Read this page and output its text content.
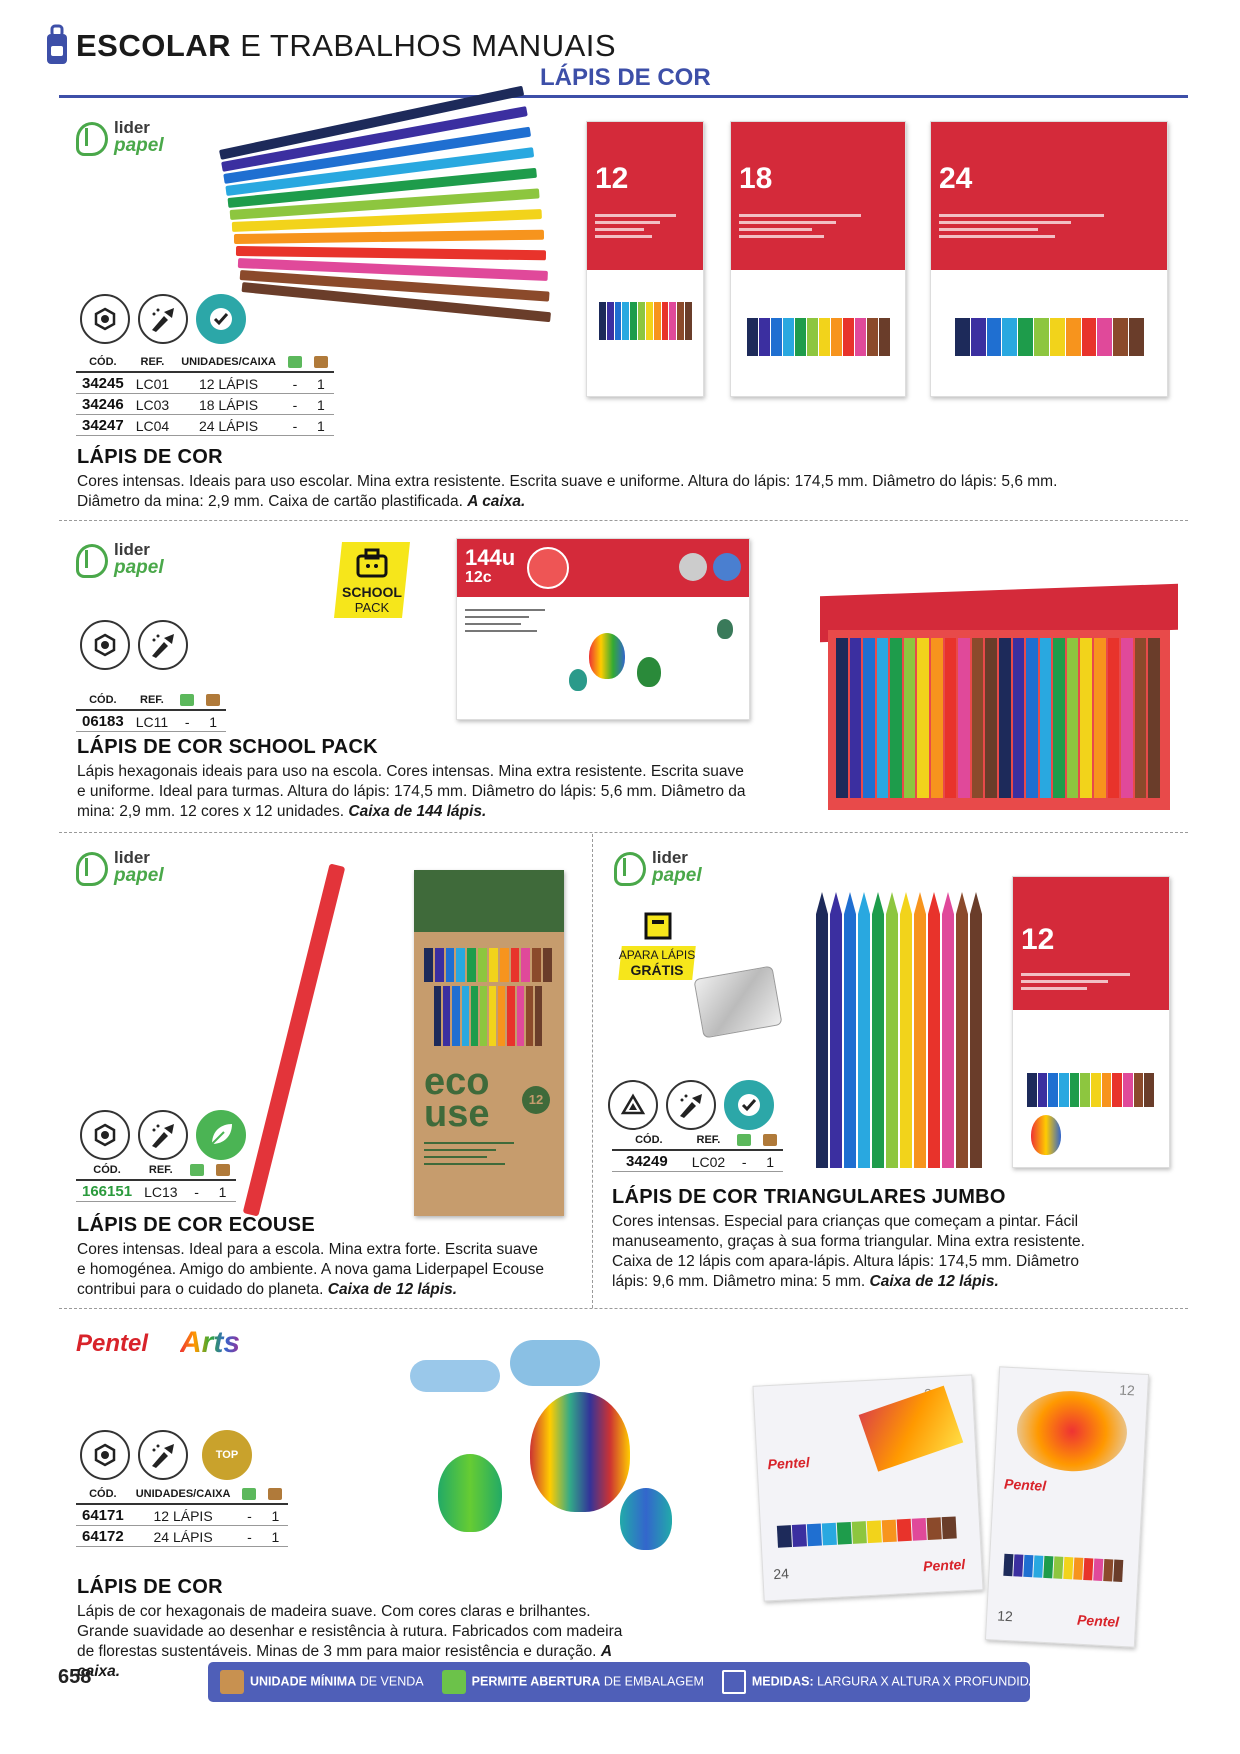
ESCOLAR E TRABALHOS MANUAIS
LÁPIS DE COR
lider
papel
CÓD.	REF.	UNIDADES/CAIXA		
34245	LC01	12 LÁPIS	-	1
34246	LC03	18 LÁPIS	-	1
34247	LC04	24 LÁPIS	-	1
12	18	24
LÁPIS DE COR
Cores intensas. Ideais para uso escolar. Mina extra resistente. Escrita suave e uniforme. Altura do lápis: 174,5 mm. Diâmetro do lápis: 5,6 mm. Diâmetro da mina: 2,9 mm. Caixa de cartão plastificada. A caixa.
lider
papel
SCHOOL
PACK
144u
12c
CÓD.	REF.		
06183	LC11	-	1
LÁPIS DE COR SCHOOL PACK
Lápis hexagonais ideais para uso na escola. Cores intensas. Mina extra resistente. Escrita suave e uniforme. Ideal para turmas. Altura do lápis: 174,5 mm. Diâmetro do lápis: 5,6 mm. Diâmetro da mina: 2,9 mm. 12 cores x 12 unidades. Caixa de 144 lápis.
lider
papel
eco
use	12
CÓD.	REF.		
166151	LC13	-	1
LÁPIS DE COR ECOUSE
Cores intensas. Ideal para a escola. Mina extra forte. Escrita suave e homogénea. Amigo do ambiente. A nova gama Liderpapel Ecouse contribui para o cuidado do planeta. Caixa de 12 lápis.
lider
papel
APARA LÁPIS
GRÁTIS
12
CÓD.	REF.		
34249	LC02	-	1
LÁPIS DE COR TRIANGULARES JUMBO
Cores intensas. Especial para crianças que começam a pintar. Fácil manuseamento, graças à sua forma triangular. Mina extra resistente. Caixa de 12 lápis com apara-lápis. Altura lápis: 174,5 mm. Diâmetro lápis: 9,6 mm. Diâmetro mina: 5 mm. Caixa de 12 lápis.
Pentel Arts
Pentel
24	Pentel
12
Pentel
12	Pentel
TOP
CÓD.	UNIDADES/CAIXA		
64171	12 LÁPIS	-	1
64172	24 LÁPIS	-	1
LÁPIS DE COR
Lápis de cor hexagonais de madeira suave. Com cores claras e brilhantes. Grande suavidade ao desenhar e resistência à rutura. Fabricados com madeira de florestas sustentáveis. Minas de 3 mm para maior resistência e duração. A caixa.
658	UNIDADE MÍNIMA DE VENDA	PERMITE ABERTURA DE EMBALAGEM	MEDIDAS: LARGURA X ALTURA X PROFUNDIDADE
